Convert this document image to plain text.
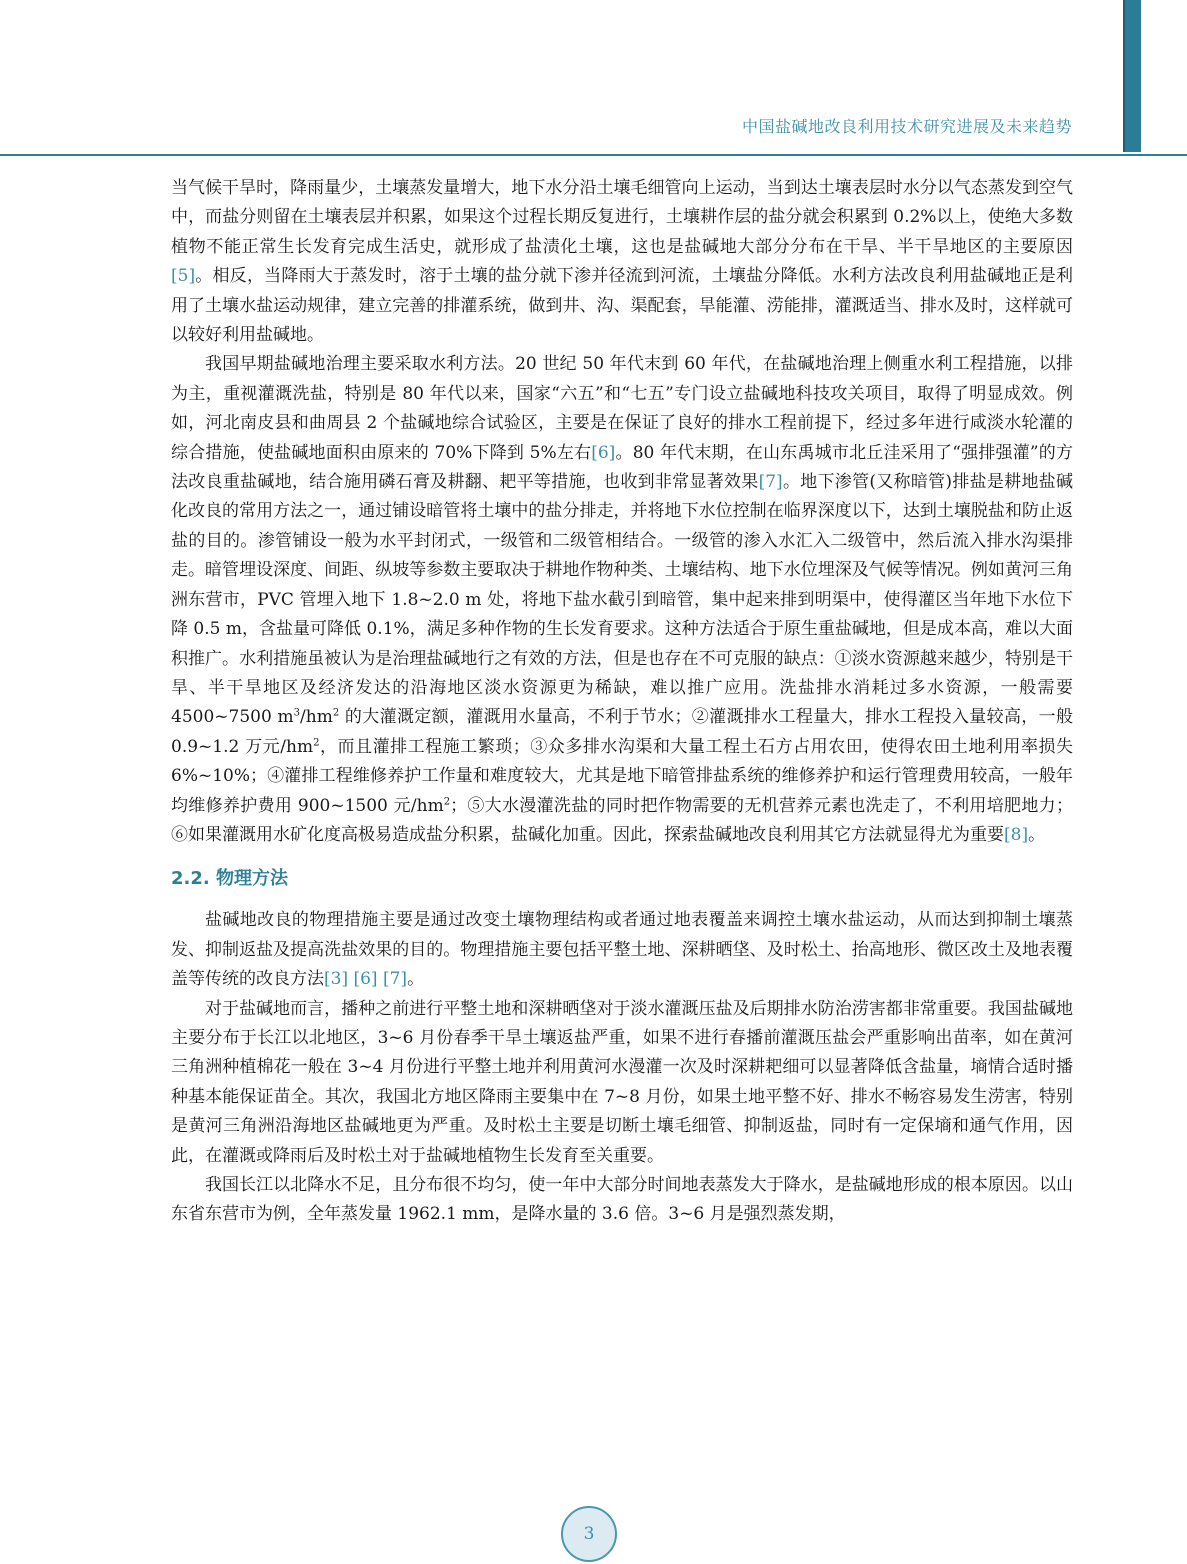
中国盐碱地改良利用技术研究进展及未来趋势

当气候干旱时，降雨量少，土壤蒸发量增大，地下水分沿土壤毛细管向上运动，当到达土壤表层时水分以气态蒸发到空气中，而盐分则留在土壤表层并积累，如果这个过程长期反复进行，土壤耕作层的盐分就会积累到 0.2%以上，使绝大多数植物不能正常生长发育完成生活史，就形成了盐渍化土壤，这也是盐碱地大部分分布在干旱、半干旱地区的主要原因[5]。相反，当降雨大于蒸发时，溶于土壤的盐分就下渗并径流到河流，土壤盐分降低。水利方法改良利用盐碱地正是利用了土壤水盐运动规律，建立完善的排灌系统，做到井、沟、渠配套，旱能灌、涝能排，灌溉适当、排水及时，这样就可以较好利用盐碱地。

我国早期盐碱地治理主要采取水利方法。20 世纪 50 年代末到 60 年代，在盐碱地治理上侧重水利工程措施，以排为主，重视灌溉洗盐，特别是 80 年代以来，国家“六五”和“七五”专门设立盐碱地科技攻关项目，取得了明显成效。例如，河北南皮县和曲周县 2 个盐碱地综合试验区，主要是在保证了良好的排水工程前提下，经过多年进行咸淡水轮灌的综合措施，使盐碱地面积由原来的 70%下降到 5%左右[6]。80 年代末期，在山东禹城市北丘洼采用了“强排强灌”的方法改良重盐碱地，结合施用磷石膏及耕翻、耙平等措施，也收到非常显著效果[7]。地下渗管(又称暗管)排盐是耕地盐碱化改良的常用方法之一，通过铺设暗管将土壤中的盐分排走，并将地下水位控制在临界深度以下，达到土壤脱盐和防止返盐的目的。渗管铺设一般为水平封闭式，一级管和二级管相结合。一级管的渗入水汇入二级管中，然后流入排水沟渠排走。暗管埋设深度、间距、纵坡等参数主要取决于耕地作物种类、土壤结构、地下水位埋深及气候等情况。例如黄河三角洲东营市，PVC 管埋入地下 1.8~2.0 m 处，将地下盐水截引到暗管，集中起来排到明渠中，使得灌区当年地下水位下降 0.5 m，含盐量可降低 0.1%，满足多种作物的生长发育要求。这种方法适合于原生重盐碱地，但是成本高，难以大面积推广。水利措施虽被认为是治理盐碱地行之有效的方法，但是也存在不可克服的缺点：①淡水资源越来越少，特别是干旱、半干旱地区及经济发达的沿海地区淡水资源更为稀缺，难以推广应用。洗盐排水消耗过多水资源，一般需要 4500~7500 $m^3/hm^2$ 的大灌溉定额，灌溉用水量高，不利于节水；②灌溉排水工程量大，排水工程投入量较高，一般 0.9~1.2 万元$/hm^2$，而且灌排工程施工繁琐；③众多排水沟渠和大量工程土石方占用农田，使得农田土地利用率损失 6%~10%；④灌排工程维修养护工作量和难度较大，尤其是地下暗管排盐系统的维修养护和运行管理费用较高，一般年均维修养护费用 900~1500 元$/hm^2$；⑤大水漫灌洗盐的同时把作物需要的无机营养元素也洗走了，不利用培肥地力；⑥如果灌溉用水矿化度高极易造成盐分积累，盐碱化加重。因此，探索盐碱地改良利用其它方法就显得尤为重要[8]。

2.2. 物理方法

盐碱地改良的物理措施主要是通过改变土壤物理结构或者通过地表覆盖来调控土壤水盐运动，从而达到抑制土壤蒸发、抑制返盐及提高洗盐效果的目的。物理措施主要包括平整土地、深耕晒垡、及时松土、抬高地形、微区改土及地表覆盖等传统的改良方法[3] [6] [7]。

对于盐碱地而言，播种之前进行平整土地和深耕晒垡对于淡水灌溉压盐及后期排水防治涝害都非常重要。我国盐碱地主要分布于长江以北地区，3~6 月份春季干旱土壤返盐严重，如果不进行春播前灌溉压盐会严重影响出苗率，如在黄河三角洲种植棉花一般在 3~4 月份进行平整土地并利用黄河水漫灌一次及时深耕耙细可以显著降低含盐量，墒情合适时播种基本能保证苗全。其次，我国北方地区降雨主要集中在 7~8 月份，如果土地平整不好、排水不畅容易发生涝害，特别是黄河三角洲沿海地区盐碱地更为严重。及时松土主要是切断土壤毛细管、抑制返盐，同时有一定保墒和通气作用，因此，在灌溉或降雨后及时松土对于盐碱地植物生长发育至关重要。

我国长江以北降水不足，且分布很不均匀，使一年中大部分时间地表蒸发大于降水，是盐碱地形成的根本原因。以山东省东营市为例，全年蒸发量 1962.1 mm，是降水量的 3.6 倍。3~6 月是强烈蒸发期，

3
